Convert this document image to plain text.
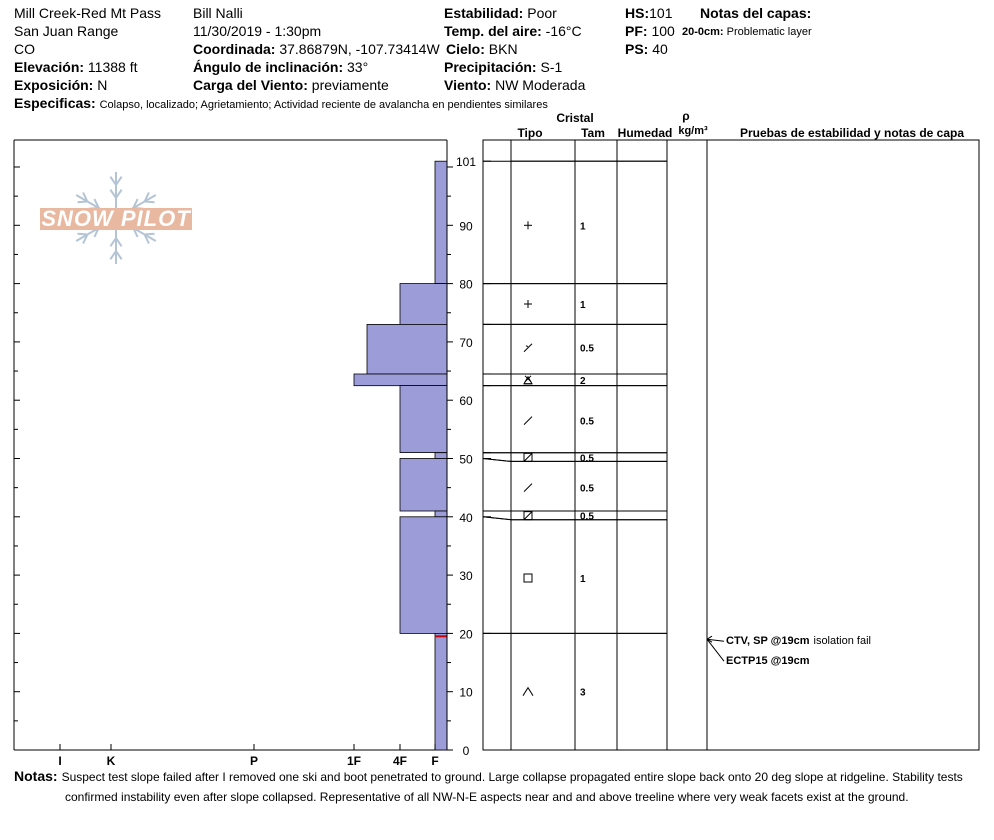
Mill Creek-Red Mt Pass
San Juan Range
CO
Elevación: 11388 ft
Exposición: N
Especificas: Colapso, localizado; Agrietamiento; Actividad reciente de avalancha en pendientes similares
Bill Nalli
11/30/2019 - 1:30pm
Coordinada: 37.86879N, -107.73414W
Ángulo de inclinación: 33°
Carga del Viento: previamente
Estabilidad: Poor
Temp. del aire: -16°C
Cielo: BKN
Precipitación: S-1
Viento: NW Moderada
HS:101
PF: 100
PS: 40
Notas del capas:
20-0cm: Problematic layer
SNOW PILOT
0
10
20
30
40
50
60
70
80
90
101
I	K	P	1F	4F F
Cristal
Tipo	Tam Humedad
ρ
kg/m³	Pruebas de estabilidad y notas de capa
1
1
0.5
2
0.5
0.5
0.5
0.5
1
3
CTV, SP @19cm isolation fail
ECTP15 @19cm
Notas: Suspect test slope failed after I removed one ski and boot penetrated to ground. Large collapse propagated entire slope back onto 20 deg slope at ridgeline. Stability tests
confirmed instability even after slope collapsed. Representative of all NW-N-E aspects near and and above treeline where very weak facets exist at the ground.
